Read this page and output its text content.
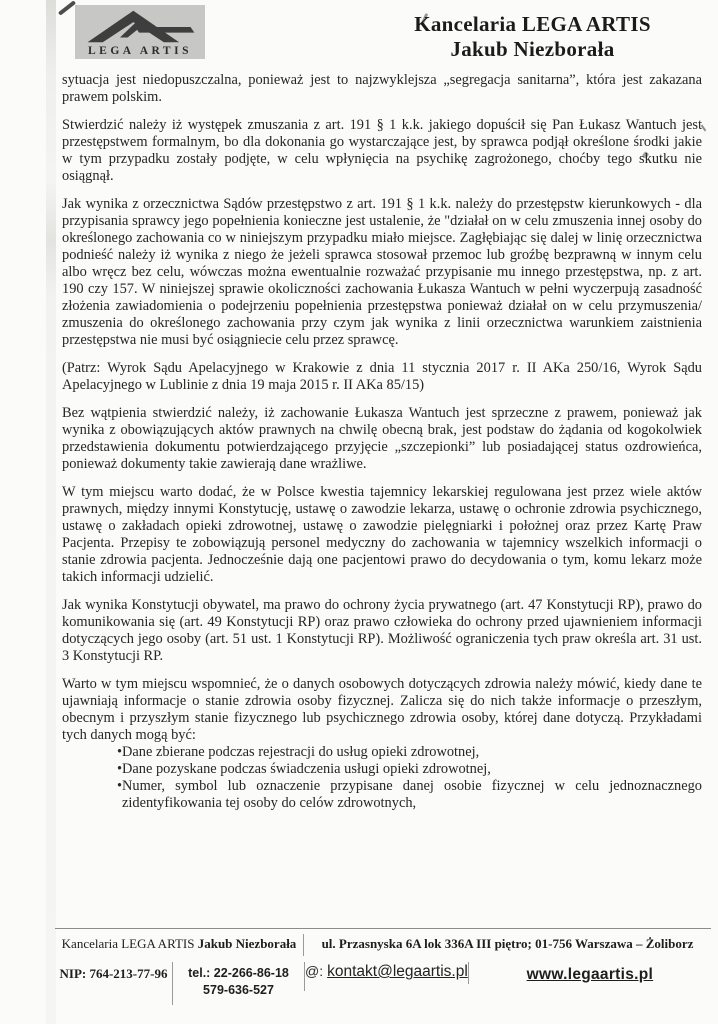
LEGA ARTIS
Kancelaria LEGA ARTIS
Jakub Niezborała

sytuacja jest niedopuszczalna, ponieważ jest to najzwyklejsza „segregacja sanitarna”, która jest zakazana prawem polskim.

Stwierdzić należy iż występek zmuszania z art. 191 § 1 k.k. jakiego dopuścił się Pan Łukasz Wantuch jest przestępstwem formalnym, bo dla dokonania go wystarczające jest, by sprawca podjął określone środki jakie w tym przypadku zostały podjęte, w celu wpłynięcia na psychikę zagrożonego, choćby tego skutku nie osiągnął.

Jak wynika z orzecznictwa Sądów przestępstwo z art. 191 § 1 k.k. należy do przestępstw kierunkowych - dla przypisania sprawcy jego popełnienia konieczne jest ustalenie, że "działał on w celu zmuszenia innej osoby do określonego zachowania co w niniejszym przypadku miało miejsce. Zagłębiając się dalej w linię orzecznictwa podnieść należy iż wynika z niego że jeżeli sprawca stosował przemoc lub groźbę bezprawną w innym celu albo wręcz bez celu, wówczas można ewentualnie rozważać przypisanie mu innego przestępstwa, np. z art. 190 czy 157. W niniejszej sprawie okoliczności zachowania Łukasza Wantuch w pełni wyczerpują zasadność złożenia zawiadomienia o podejrzeniu popełnienia przestępstwa ponieważ działał on w celu przymuszenia/ zmuszenia do określonego zachowania przy czym jak wynika z linii orzecznictwa warunkiem zaistnienia przestępstwa nie musi być osiągniecie celu przez sprawcę.

(Patrz: Wyrok Sądu Apelacyjnego w Krakowie z dnia 11 stycznia 2017 r. II AKa 250/16, Wyrok Sądu Apelacyjnego w Lublinie z dnia 19 maja 2015 r. II AKa 85/15)

Bez wątpienia stwierdzić należy, iż zachowanie Łukasza Wantuch jest sprzeczne z prawem, ponieważ jak wynika z obowiązujących aktów prawnych na chwilę obecną brak, jest podstaw do żądania od kogokolwiek przedstawienia dokumentu potwierdzającego przyjęcie „szczepionki” lub posiadającej status ozdrowieńca, ponieważ dokumenty takie zawierają dane wrażliwe.

W tym miejscu warto dodać, że w Polsce kwestia tajemnicy lekarskiej regulowana jest przez wiele aktów prawnych, między innymi Konstytucję, ustawę o zawodzie lekarza, ustawę o ochronie zdrowia psychicznego, ustawę o zakładach opieki zdrowotnej, ustawę o zawodzie pielęgniarki i położnej oraz przez Kartę Praw Pacjenta. Przepisy te zobowiązują personel medyczny do zachowania w tajemnicy wszelkich informacji o stanie zdrowia pacjenta. Jednocześnie dają one pacjentowi prawo do decydowania o tym, komu lekarz może takich informacji udzielić.

Jak wynika Konstytucji obywatel, ma prawo do ochrony życia prywatnego (art. 47 Konstytucji RP), prawo do komunikowania się (art. 49 Konstytucji RP) oraz prawo człowieka do ochrony przed ujawnieniem informacji dotyczących jego osoby (art. 51 ust. 1 Konstytucji RP). Możliwość ograniczenia tych praw określa art. 31 ust. 3 Konstytucji RP.

Warto w tym miejscu wspomnieć, że o danych osobowych dotyczących zdrowia należy mówić, kiedy dane te ujawniają informacje o stanie zdrowia osoby fizycznej. Zalicza się do nich także informacje o przeszłym, obecnym i przyszłym stanie fizycznego lub psychicznego zdrowia osoby, której dane dotyczą. Przykładami tych danych mogą być:

• Dane zbierane podczas rejestracji do usług opieki zdrowotnej,
• Dane pozyskane podczas świadczenia usługi opieki zdrowotnej,
• Numer, symbol lub oznaczenie przypisane danej osobie fizycznej w celu jednoznacznego zidentyfikowania tej osoby do celów zdrowotnych,
Kancelaria LEGA ARTIS Jakub Niezborała	ul. Przasnyska 6A lok 336A III piętro; 01-756 Warszawa – Żoliborz
NIP: 764-213-77-96	tel.: 22-266-86-18
579-636-527
@: kontakt@legaartis.pl	www.legaartis.pl
